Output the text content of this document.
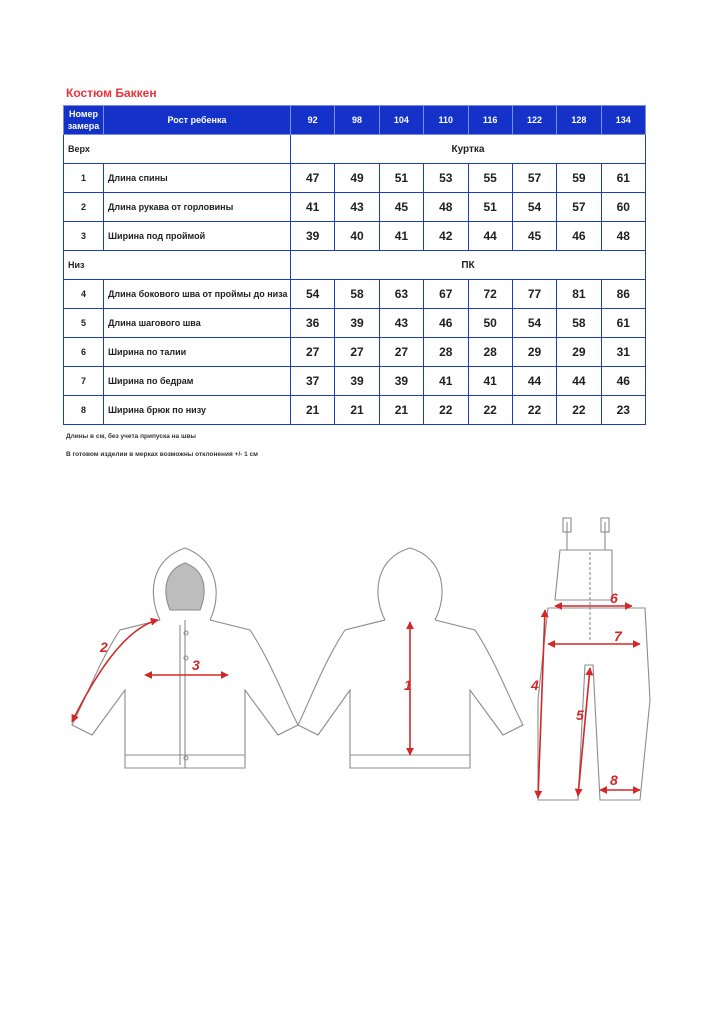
Костюм Баккен
Номер замера	Рост ребенка	92	98	104	110	116	122	128	134
Верх		Куртка							
1	Длина спины	47	49	51	53	55	57	59	61
2	Длина рукава от горловины	41	43	45	48	51	54	57	60
3	Ширина под проймой	39	40	41	42	44	45	46	48
Низ		ПК							
4	Длина бокового шва от проймы до низа	54	58	63	67	72	77	81	86
5	Длина шагового шва	36	39	43	46	50	54	58	61
6	Ширина по талии	27	27	27	28	28	29	29	31
7	Ширина по бедрам	37	39	39	41	41	44	44	46
8	Ширина брюк по низу	21	21	21	22	22	22	22	23
Длины в см, без учета припуска на швы
В готовом изделии в мерках возможны отклонения +/- 1 см
1
2
3
4
5
6
7
8
